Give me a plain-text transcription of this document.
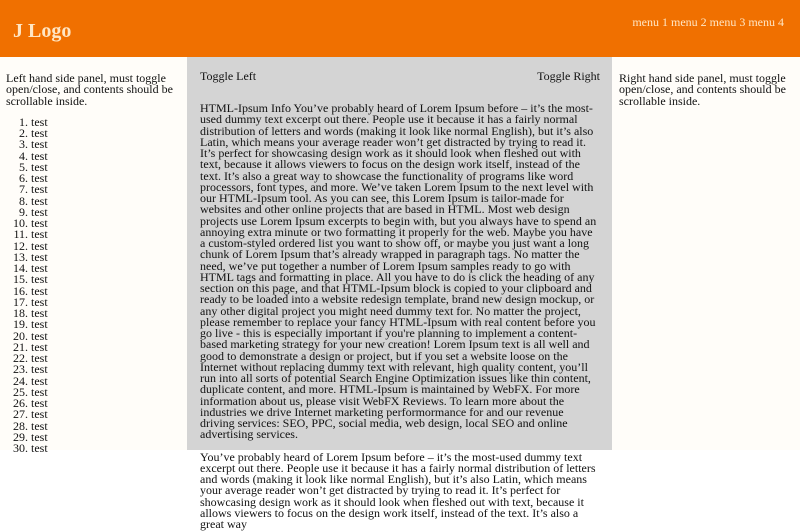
J Logo	menu 1 menu 2 menu 3 menu 4

Left hand side panel, must toggle open/close, and contents should be scrollable inside.

1. test
2. test
3. test
4. test
5. test
6. test
7. test
8. test
9. test
10. test
11. test
12. test
13. test
14. test
15. test
16. test
17. test
18. test
19. test
20. test
21. test
22. test
23. test
24. test
25. test
26. test
27. test
28. test
29. test
30. test
Toggle Left	Toggle Right

HTML-Ipsum Info You’ve probably heard of Lorem Ipsum before – it’s the most-used dummy text excerpt out there. People use it because it has a fairly normal distribution of letters and words (making it look like normal English), but it’s also Latin, which means your average reader won’t get distracted by trying to read it. It’s perfect for showcasing design work as it should look when fleshed out with text, because it allows viewers to focus on the design work itself, instead of the text. It’s also a great way to showcase the functionality of programs like word processors, font types, and more. We’ve taken Lorem Ipsum to the next level with our HTML-Ipsum tool. As you can see, this Lorem Ipsum is tailor-made for websites and other online projects that are based in HTML. Most web design projects use Lorem Ipsum excerpts to begin with, but you always have to spend an annoying extra minute or two formatting it properly for the web. Maybe you have a custom-styled ordered list you want to show off, or maybe you just want a long chunk of Lorem Ipsum that’s already wrapped in paragraph tags. No matter the need, we’ve put together a number of Lorem Ipsum samples ready to go with HTML tags and formatting in place. All you have to do is click the heading of any section on this page, and that HTML-Ipsum block is copied to your clipboard and ready to be loaded into a website redesign template, brand new design mockup, or any other digital project you might need dummy text for. No matter the project, please remember to replace your fancy HTML-Ipsum with real content before you go live - this is especially important if you're planning to implement a content-based marketing strategy for your new creation! Lorem Ipsum text is all well and good to demonstrate a design or project, but if you set a website loose on the Internet without replacing dummy text with relevant, high quality content, you’ll run into all sorts of potential Search Engine Optimization issues like thin content, duplicate content, and more. HTML-Ipsum is maintained by WebFX. For more information about us, please visit WebFX Reviews. To learn more about the industries we drive Internet marketing performormance for and our revenue driving services: SEO, PPC, social media, web design, local SEO and online advertising services.

You’ve probably heard of Lorem Ipsum before – it’s the most-used dummy text excerpt out there. People use it because it has a fairly normal distribution of letters and words (making it look like normal English), but it’s also Latin, which means your average reader won’t get distracted by trying to read it. It’s perfect for showcasing design work as it should look when fleshed out with text, because it allows viewers to focus on the design work itself, instead of the text. It’s also a great way

Right hand side panel, must toggle open/close, and contents should be scrollable inside.
